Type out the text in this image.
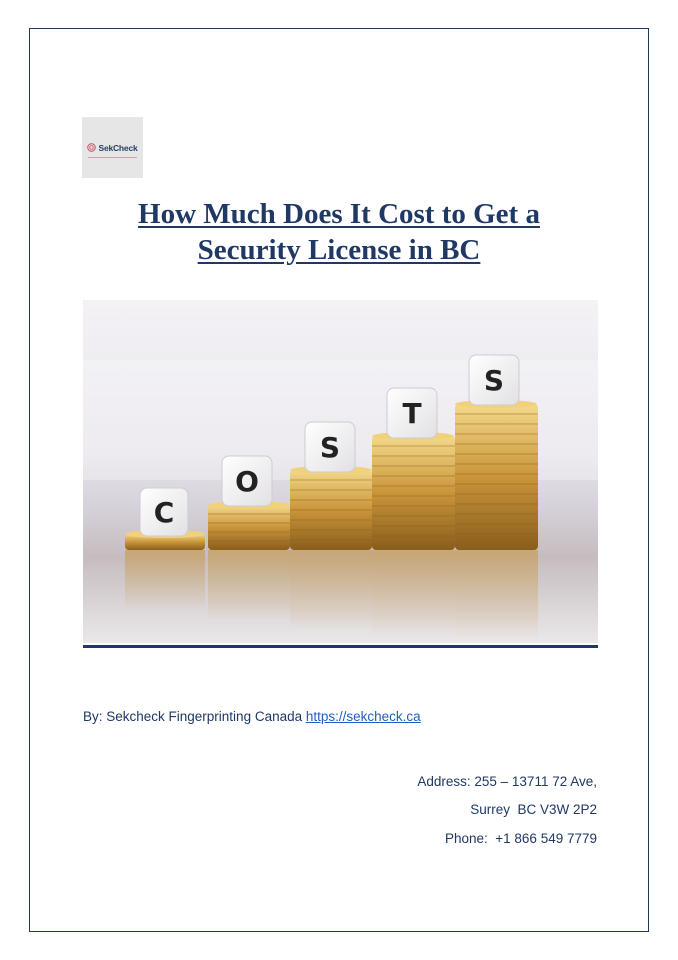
SekCheck
How Much Does It Cost to Get a
Security License in BC
C
O
S
T
S
By: Sekcheck Fingerprinting Canada https://sekcheck.ca
Address: 255 – 13711 72 Ave,
Surrey  BC V3W 2P2
Phone:  +1 866 549 7779
